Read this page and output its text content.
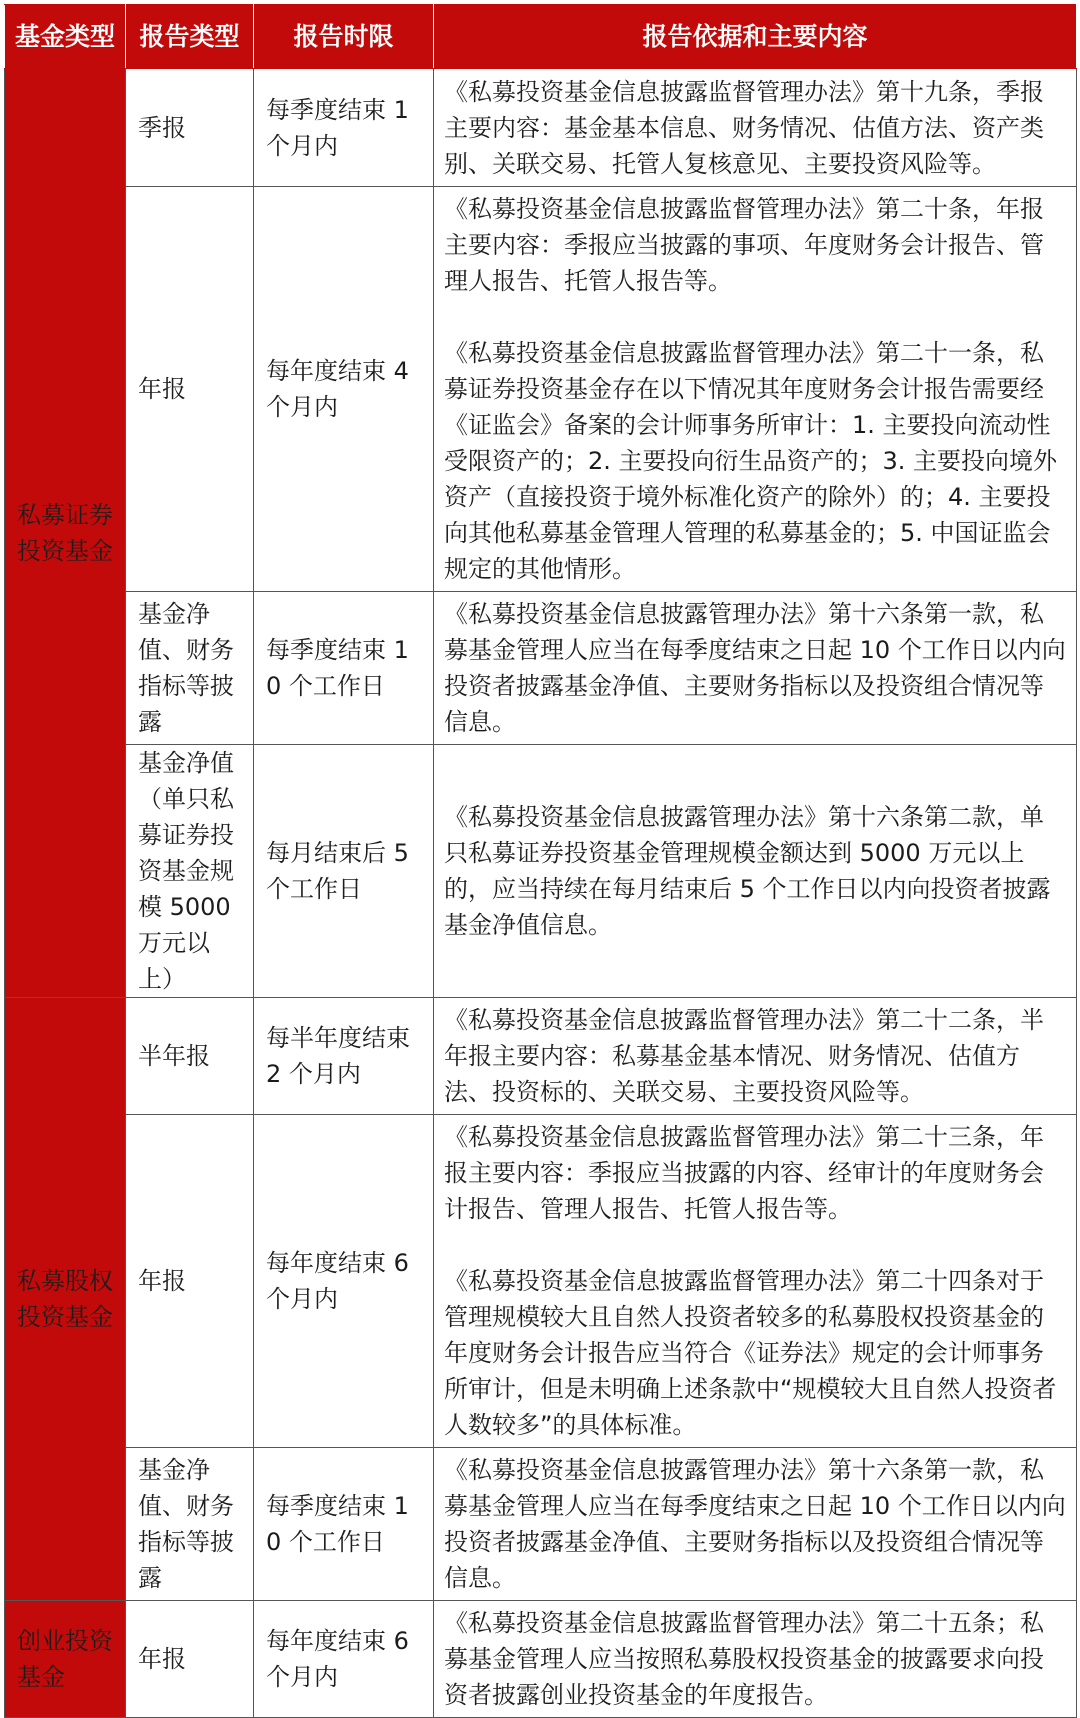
基金类型	报告类型	报告时限	报告依据和主要内容
私募证券投资基金	季报	每季度结束 1 个月内	《私募投资基金信息披露监督管理办法》第十九条，季报主要内容：基金基本信息、财务情况、估值方法、资产类别、关联交易、托管人复核意见、主要投资风险等。

	年报	每年度结束 4 个月内	《私募投资基金信息披露监督管理办法》第二十条，年报主要内容：季报应当披露的事项、年度财务会计报告、管理人报告、托管人报告等。
《私募投资基金信息披露监督管理办法》第二十一条，私募证券投资基金存在以下情况其年度财务会计报告需要经《证监会》备案的会计师事务所审计：1. 主要投向流动性受限资产的；2. 主要投向衍生品资产的；3. 主要投向境外资产（直接投资于境外标准化资产的除外）的；4. 主要投向其他私募基金管理人管理的私募基金的；5. 中国证监会规定的其他情形。

	基金净值、财务指标等披露	每季度结束 10 个工作日	《私募投资基金信息披露管理办法》第十六条第一款，私募基金管理人应当在每季度结束之日起 10 个工作日以内向投资者披露基金净值、主要财务指标以及投资组合情况等信息。

	基金净值（单只私募证券投资基金规模 5000 万元以上）	每月结束后 5 个工作日	《私募投资基金信息披露管理办法》第十六条第二款，单只私募证券投资基金管理规模金额达到 5000 万元以上的，应当持续在每月结束后 5 个工作日以内向投资者披露基金净值信息。

私募股权投资基金	半年报	每半年度结束 2 个月内	《私募投资基金信息披露监督管理办法》第二十二条，半年报主要内容：私募基金基本情况、财务情况、估值方法、投资标的、关联交易、主要投资风险等。

	年报	每年度结束 6 个月内	《私募投资基金信息披露监督管理办法》第二十三条，年报主要内容：季报应当披露的内容、经审计的年度财务会计报告、管理人报告、托管人报告等。
《私募投资基金信息披露监督管理办法》第二十四条对于管理规模较大且自然人投资者较多的私募股权投资基金的年度财务会计报告应当符合《证券法》规定的会计师事务所审计，但是未明确上述条款中“规模较大且自然人投资者人数较多”的具体标准。

	基金净值、财务指标等披露	每季度结束 10 个工作日	《私募投资基金信息披露管理办法》第十六条第一款，私募基金管理人应当在每季度结束之日起 10 个工作日以内向投资者披露基金净值、主要财务指标以及投资组合情况等信息。

创业投资基金	年报	每年度结束 6 个月内	《私募投资基金信息披露监督管理办法》第二十五条；私募基金管理人应当按照私募股权投资基金的披露要求向投资者披露创业投资基金的年度报告。
